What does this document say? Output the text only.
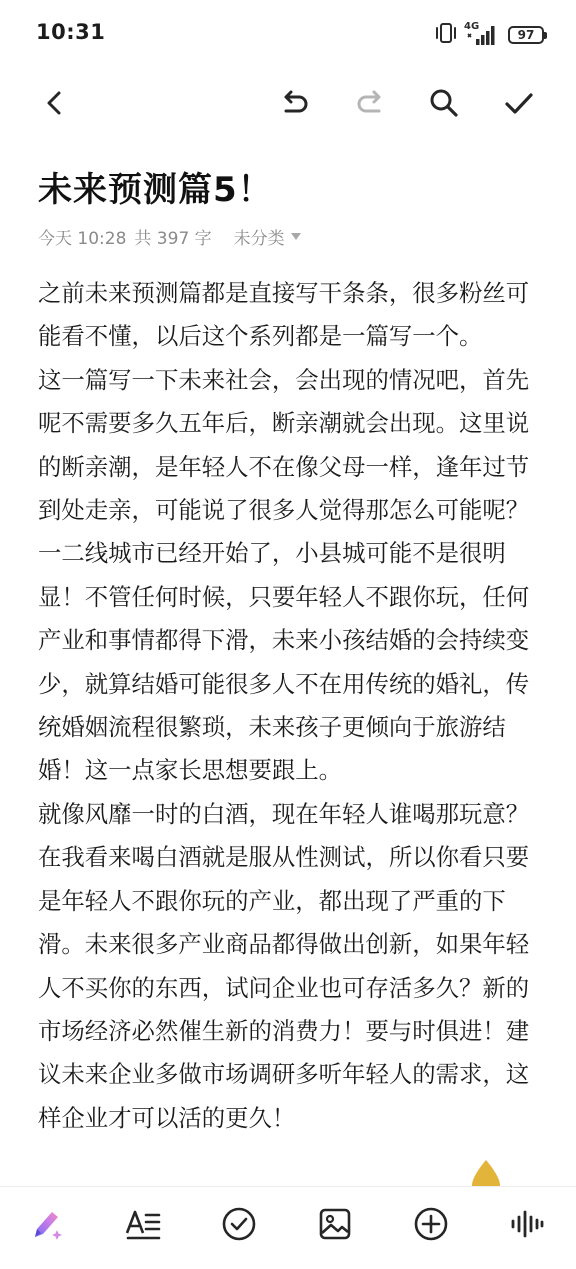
10:31	4G
97
未来预测篇5！
今天 10:28 共 397 字 未分类
之前未来预测篇都是直接写干条条，很多粉丝可能看不懂，以后这个系列都是一篇写一个。
这一篇写一下未来社会，会出现的情况吧，首先呢不需要多久五年后，断亲潮就会出现。这里说的断亲潮，是年轻人不在像父母一样，逢年过节到处走亲，可能说了很多人觉得那怎么可能呢？一二线城市已经开始了，小县城可能不是很明显！不管任何时候，只要年轻人不跟你玩，任何产业和事情都得下滑，未来小孩结婚的会持续变少，就算结婚可能很多人不在用传统的婚礼，传统婚姻流程很繁琐，未来孩子更倾向于旅游结婚！这一点家长思想要跟上。
就像风靡一时的白酒，现在年轻人谁喝那玩意？在我看来喝白酒就是服从性测试，所以你看只要是年轻人不跟你玩的产业，都出现了严重的下滑。未来很多产业商品都得做出创新，如果年轻人不买你的东西，试问企业也可存活多久？新的市场经济必然催生新的消费力！要与时俱进！建议未来企业多做市场调研多听年轻人的需求，这样企业才可以活的更久！
